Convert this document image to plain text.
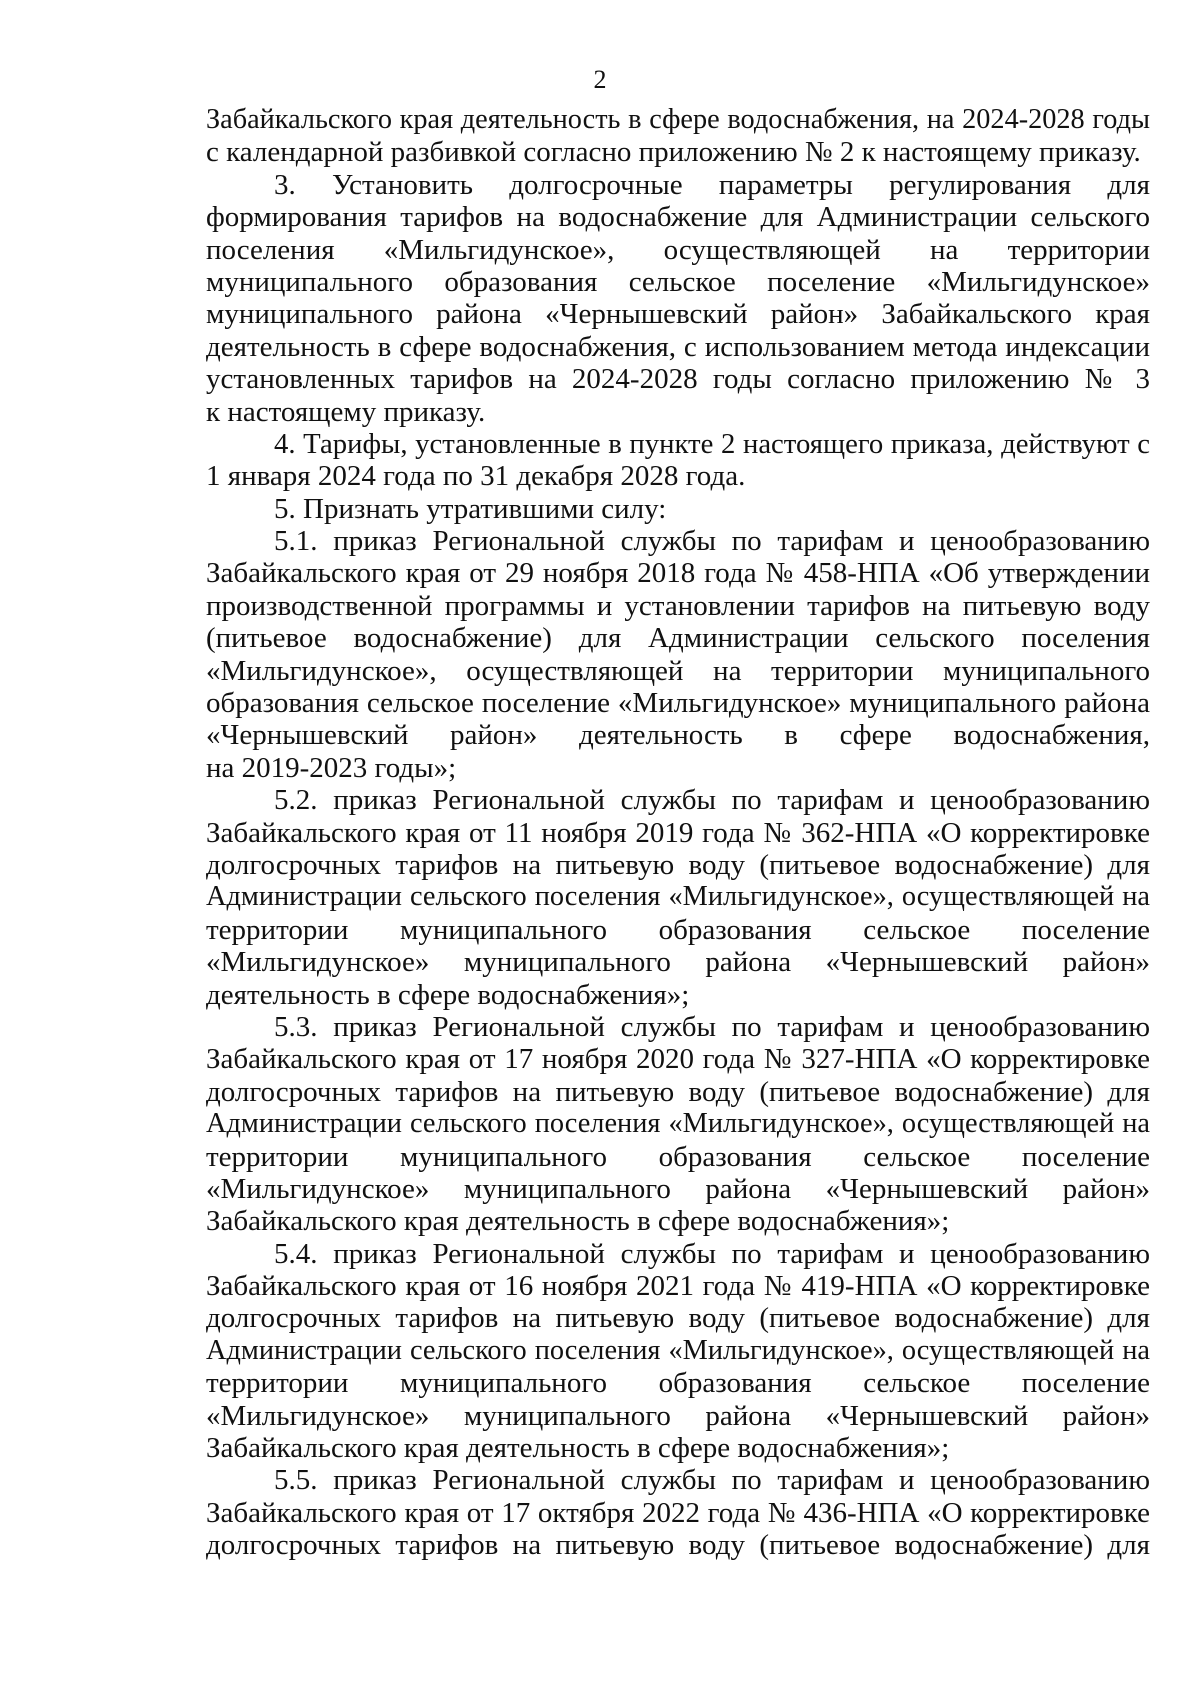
2
Забайкальского края деятельность в сфере водоснабжения, на 2024-2028 годы
с календарной разбивкой согласно приложению № 2 к настоящему приказу.
3. Установить долгосрочные параметры регулирования для
формирования тарифов на водоснабжение для Администрации сельского
поселения «Мильгидунское», осуществляющей на территории
муниципального образования сельское поселение «Мильгидунское»
муниципального района «Чернышевский район» Забайкальского края
деятельность в сфере водоснабжения, с использованием метода индексации
установленных тарифов на 2024-2028 годы согласно приложению № 3
к настоящему приказу.
4. Тарифы, установленные в пункте 2 настоящего приказа, действуют с
1 января 2024 года по 31 декабря 2028 года.
5. Признать утратившими силу:
5.1. приказ Региональной службы по тарифам и ценообразованию
Забайкальского края от 29 ноября 2018 года № 458-НПА «Об утверждении
производственной программы и установлении тарифов на питьевую воду
(питьевое водоснабжение) для Администрации сельского поселения
«Мильгидунское», осуществляющей на территории муниципального
образования сельское поселение «Мильгидунское» муниципального района
«Чернышевский район» деятельность в сфере водоснабжения,
на 2019-2023 годы»;
5.2. приказ Региональной службы по тарифам и ценообразованию
Забайкальского края от 11 ноября 2019 года № 362-НПА «О корректировке
долгосрочных тарифов на питьевую воду (питьевое водоснабжение) для
Администрации сельского поселения «Мильгидунское», осуществляющей на
территории муниципального образования сельское поселение
«Мильгидунское» муниципального района «Чернышевский район»
деятельность в сфере водоснабжения»;
5.3. приказ Региональной службы по тарифам и ценообразованию
Забайкальского края от 17 ноября 2020 года № 327-НПА «О корректировке
долгосрочных тарифов на питьевую воду (питьевое водоснабжение) для
Администрации сельского поселения «Мильгидунское», осуществляющей на
территории муниципального образования сельское поселение
«Мильгидунское» муниципального района «Чернышевский район»
Забайкальского края деятельность в сфере водоснабжения»;
5.4. приказ Региональной службы по тарифам и ценообразованию
Забайкальского края от 16 ноября 2021 года № 419-НПА «О корректировке
долгосрочных тарифов на питьевую воду (питьевое водоснабжение) для
Администрации сельского поселения «Мильгидунское», осуществляющей на
территории муниципального образования сельское поселение
«Мильгидунское» муниципального района «Чернышевский район»
Забайкальского края деятельность в сфере водоснабжения»;
5.5. приказ Региональной службы по тарифам и ценообразованию
Забайкальского края от 17 октября 2022 года № 436-НПА «О корректировке
долгосрочных тарифов на питьевую воду (питьевое водоснабжение) для
